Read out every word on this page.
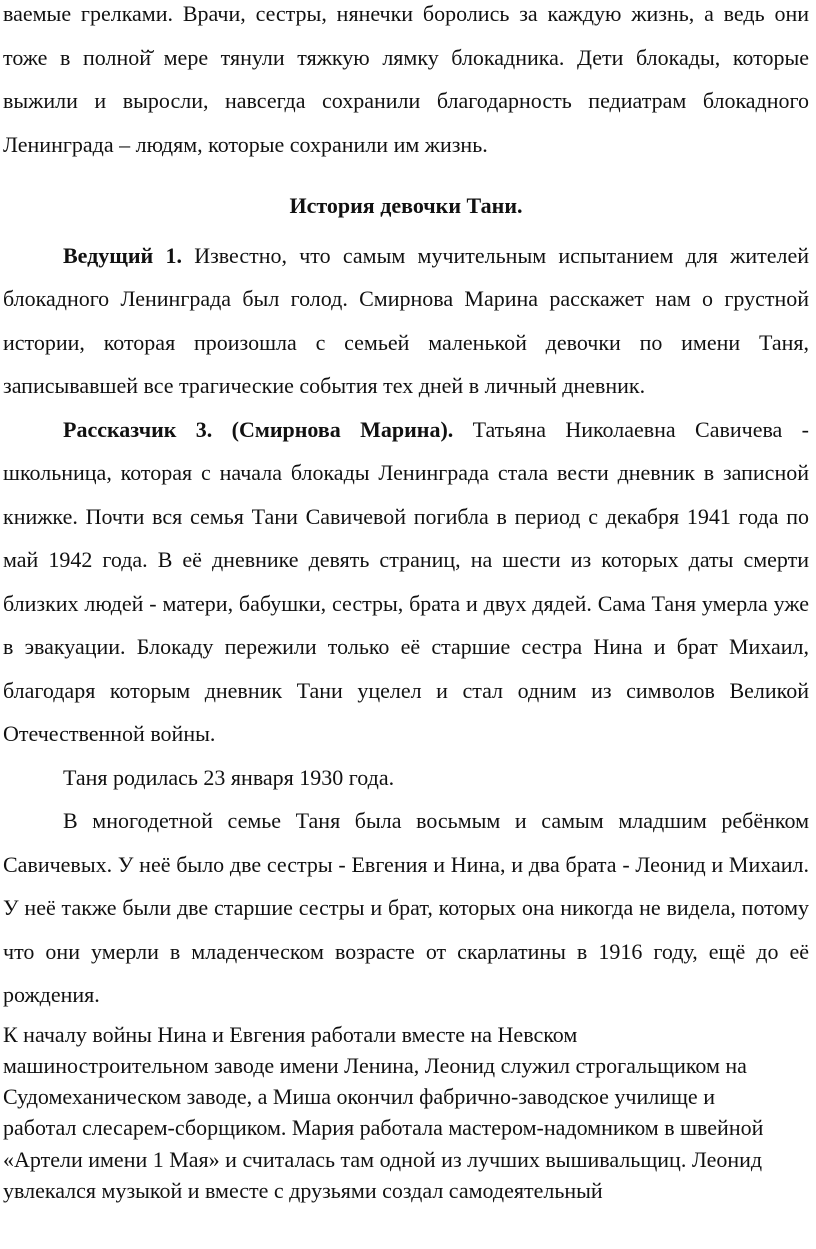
ваемые грелками. Врачи, сестры, нянечки боролись за каждую жизнь, а ведь они тоже в полной̆ мере тянули тяжкую лямку блокадника. Дети блокады, которые выжили и выросли, навсегда сохранили благодарность педиатрам блокадного Ленинграда – людям, которые сохранили им жизнь.

История девочки Тани.

Ведущий 1. Известно, что самым мучительным испытанием для жителей блокадного Ленинграда был голод. Смирнова Марина расскажет нам о грустной истории, которая произошла с семьей маленькой девочки по имени Таня, записывавшей все трагические события тех дней в личный дневник.

Рассказчик 3. (Смирнова Марина). Татьяна Николаевна Савичева - школьница, которая с начала блокады Ленинграда стала вести дневник в записной книжке. Почти вся семья Тани Савичевой погибла в период с декабря 1941 года по май 1942 года. В её дневнике девять страниц, на шести из которых даты смерти близких людей - матери, бабушки, сестры, брата и двух дядей. Сама Таня умерла уже в эвакуации. Блокаду пережили только её старшие сестра Нина и брат Михаил, благодаря которым дневник Тани уцелел и стал одним из символов Великой Отечественной войны.

Таня родилась 23 января 1930 года.

В многодетной семье Таня была восьмым и самым младшим ребёнком Савичевых. У неё было две сестры - Евгения и Нина, и два брата - Леонид и Михаил. У неё также были две старшие сестры и брат, которых она никогда не видела, потому что они умерли в младенческом возрасте от скарлатины в 1916 году, ещё до её рождения.

К началу войны Нина и Евгения работали вместе на Невском машиностроительном заводе имени Ленина, Леонид служил строгальщиком на Судомеханическом заводе, а Миша окончил фабрично-заводское училище и работал слесарем-сборщиком. Мария работала мастером-надомником в швейной «Артели имени 1 Мая» и считалась там одной из лучших вышивальщиц. Леонид увлекался музыкой и вместе с друзьями создал самодеятельный
